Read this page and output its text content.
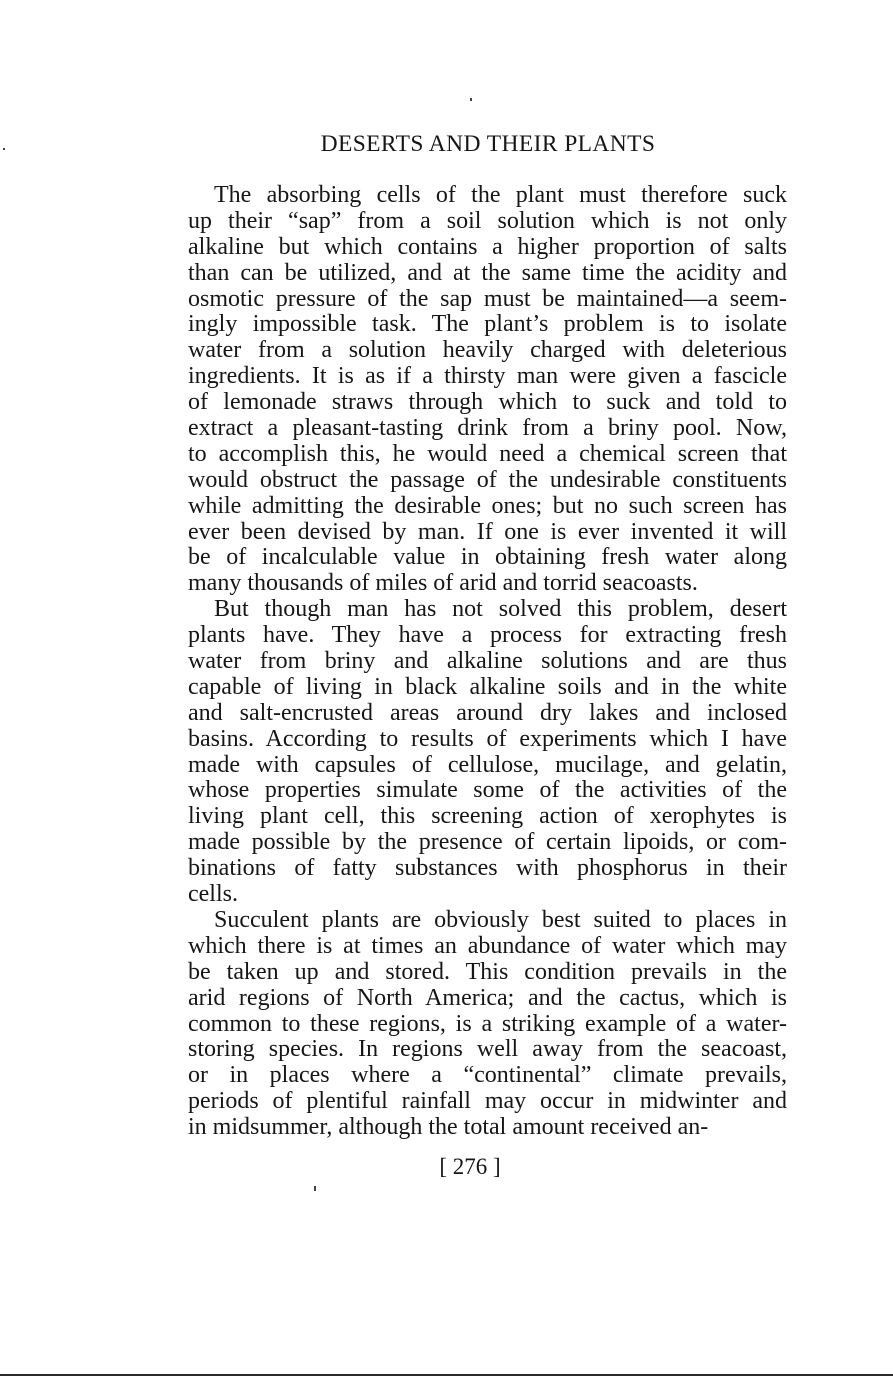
DESERTS AND THEIR PLANTS
The absorbing cells of the plant must therefore suck
up their “sap” from a soil solution which is not only
alkaline but which contains a higher proportion of salts
than can be utilized, and at the same time the acidity and
osmotic pressure of the sap must be maintained—a seem-
ingly impossible task. The plant’s problem is to isolate
water from a solution heavily charged with deleterious
ingredients. It is as if a thirsty man were given a fascicle
of lemonade straws through which to suck and told to
extract a pleasant-tasting drink from a briny pool. Now,
to accomplish this, he would need a chemical screen that
would obstruct the passage of the undesirable constituents
while admitting the desirable ones; but no such screen has
ever been devised by man. If one is ever invented it will
be of incalculable value in obtaining fresh water along
many thousands of miles of arid and torrid seacoasts.
But though man has not solved this problem, desert
plants have. They have a process for extracting fresh
water from briny and alkaline solutions and are thus
capable of living in black alkaline soils and in the white
and salt-encrusted areas around dry lakes and inclosed
basins. According to results of experiments which I have
made with capsules of cellulose, mucilage, and gelatin,
whose properties simulate some of the activities of the
living plant cell, this screening action of xerophytes is
made possible by the presence of certain lipoids, or com-
binations of fatty substances with phosphorus in their
cells.
Succulent plants are obviously best suited to places in
which there is at times an abundance of water which may
be taken up and stored. This condition prevails in the
arid regions of North America; and the cactus, which is
common to these regions, is a striking example of a water-
storing species. In regions well away from the seacoast,
or in places where a “continental” climate prevails,
periods of plentiful rainfall may occur in midwinter and
in midsummer, although the total amount received an-
[ 276 ]
